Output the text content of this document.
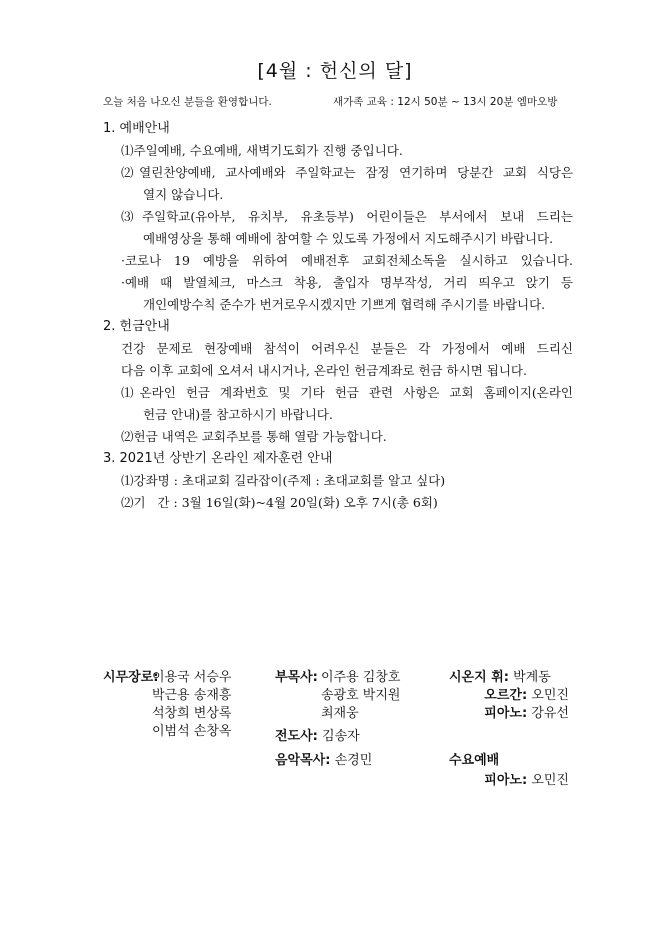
[4월 : 헌신의 달]
오늘 처음 나오신 분들을 환영합니다.	새가족 교육 : 12시 50분 ~ 13시 20분 엠마오방
1. 예배안내
⑴주일예배, 수요예배, 새벽기도회가 진행 중입니다.
⑵열린찬양예배, 교사예배와 주일학교는 잠정 연기하며 당분간 교회 식당은
열지 않습니다.
⑶주일학교(유아부, 유치부, 유초등부) 어린이들은 부서에서 보내 드리는
예배영상을 통해 예배에 참여할 수 있도록 가정에서 지도해주시기 바랍니다.
·코로나 19 예방을 위하여 예배전후 교회전체소독을 실시하고 있습니다.
·예배 때 발열체크, 마스크 착용, 출입자 명부작성, 거리 띄우고 앉기 등
개인예방수칙 준수가 번거로우시겠지만 기쁘게 협력해 주시기를 바랍니다.
2. 헌금안내
건강 문제로 현장예배 참석이 어려우신 분들은 각 가정에서 예배 드리신
다음 이후 교회에 오셔서 내시거나, 온라인 헌금계좌로 헌금 하시면 됩니다.
⑴온라인 헌금 계좌번호 및 기타 헌금 관련 사항은 교회 홈페이지(온라인
헌금 안내)를 참고하시기 바랍니다.
⑵헌금 내역은 교회주보를 통해 열람 가능합니다.
3. 2021년 상반기 온라인 제자훈련 안내
⑴강좌명 : 초대교회 길라잡이(주제 : 초대교회를 알고 싶다)
⑵기   간 : 3월 16일(화)~4월 20일(화) 오후 7시(총 6회)
시무장로:
이용국 서승우
박근용 송재흥
석창희 변상록
이범석 손창옥
부목사: 이주용 김창호
송광호 박지원
최재웅
전도사: 김송자
음악목사: 손경민
시온지 휘: 박계동
오르간: 오민진
피아노: 강유선
수요예배
피아노: 오민진
